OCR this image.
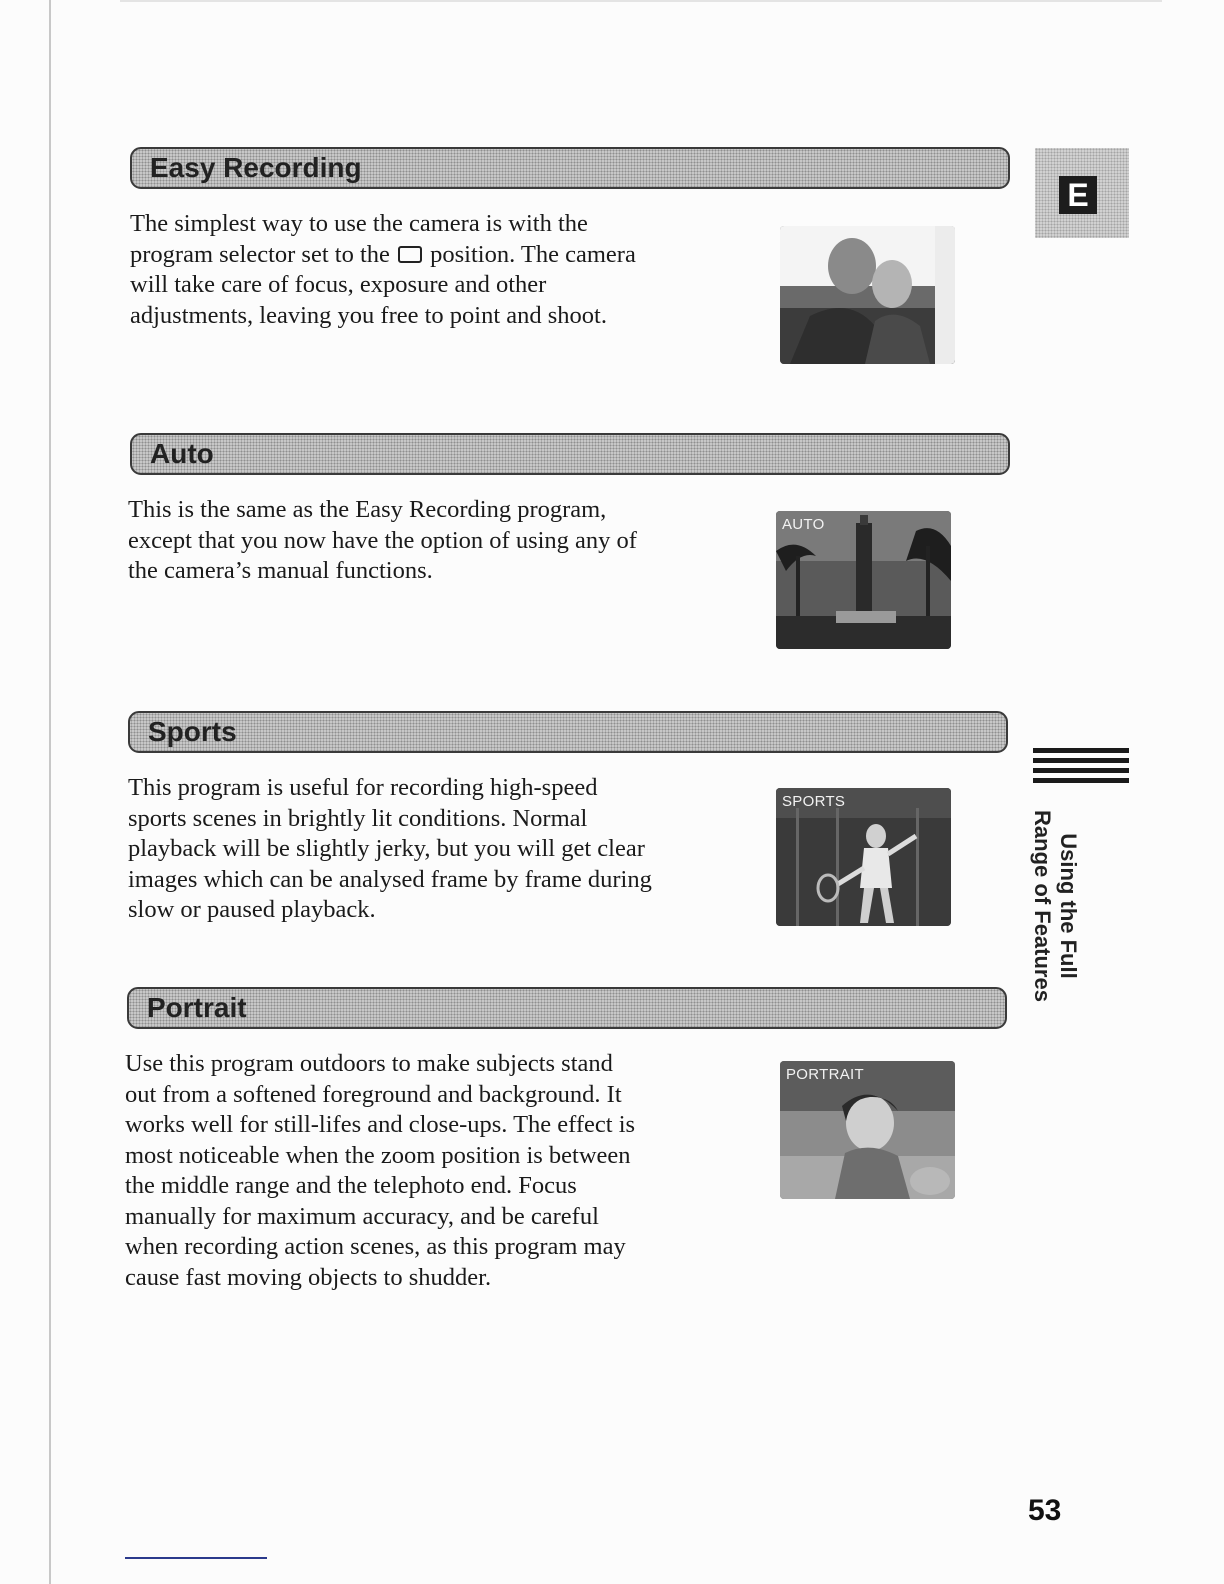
Easy Recording

The simplest way to use the camera is with the
program selector set to the position. The camera will take care of focus, exposure and other adjustments, leaving you free to point and shoot.

Auto

This is the same as the Easy Recording program, except that you now have the option of using any of the camera’s manual functions.

AUTO
Sports

This program is useful for recording high-speed sports scenes in brightly lit conditions. Normal playback will be slightly jerky, but you will get clear images which can be analysed frame by frame during slow or paused playback.

SPORTS
Portrait

Use this program outdoors to make subjects stand out from a softened foreground and background. It works well for still-lifes and close-ups. The effect is most noticeable when the zoom position is between the middle range and the telephoto end. Focus manually for maximum accuracy, and be careful when recording action scenes, as this program may cause fast moving objects to shudder.

PORTRAIT
E
Using the Full
Range of Features
53
